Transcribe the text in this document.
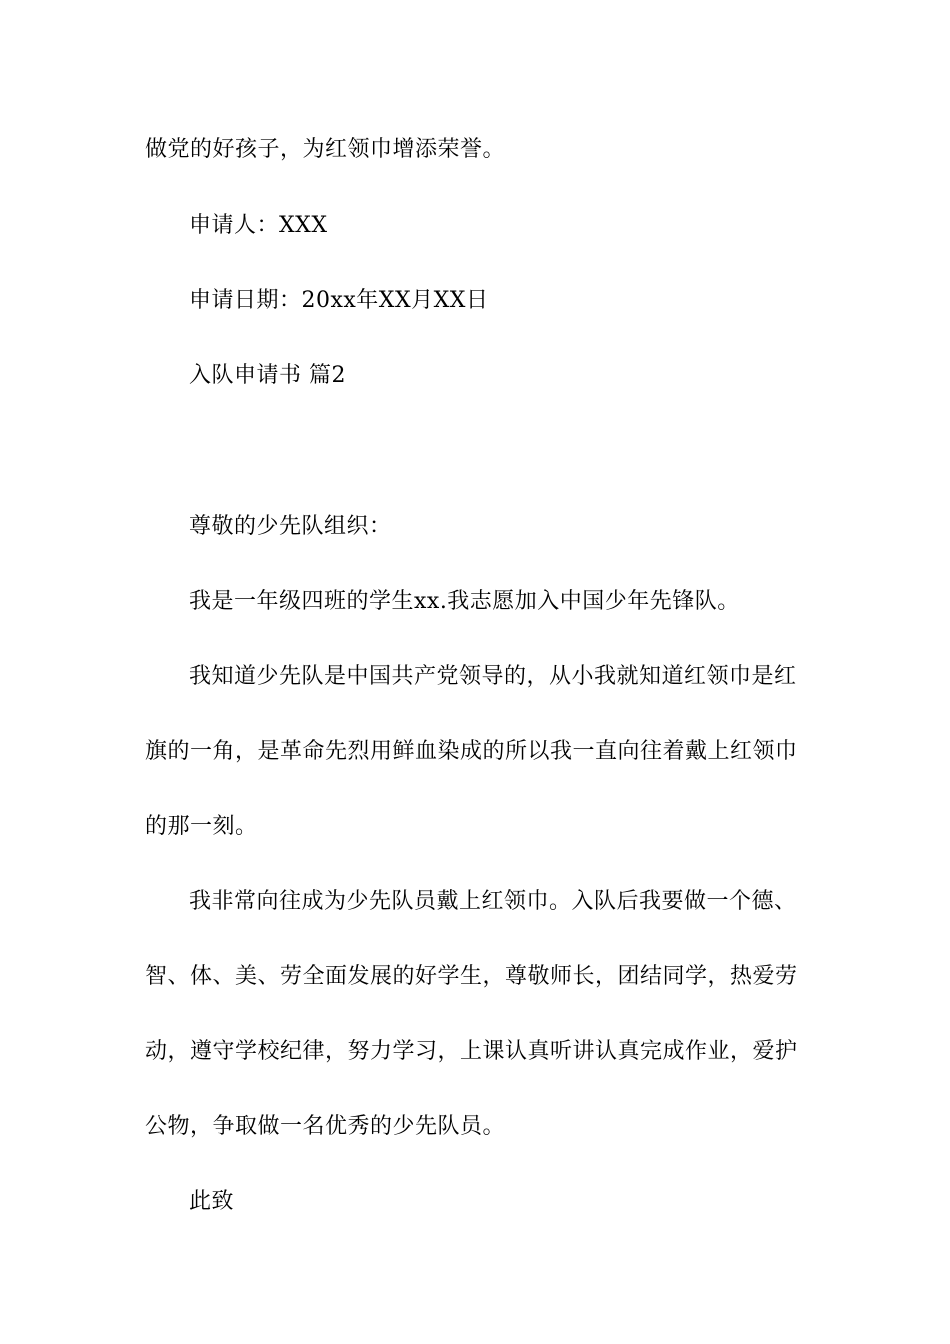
做党的好孩子，为红领巾增添荣誉。
申请人：XXX
申请日期：20xx年XX月XX日
入队申请书 篇2
尊敬的少先队组织：
我是一年级四班的学生xx.我志愿加入中国少年先锋队。
我知道少先队是中国共产党领导的，从小我就知道红领巾是红
旗的一角，是革命先烈用鲜血染成的所以我一直向往着戴上红领巾
的那一刻。
我非常向往成为少先队员戴上红领巾。入队后我要做一个德、
智、体、美、劳全面发展的好学生，尊敬师长，团结同学，热爱劳
动，遵守学校纪律，努力学习，上课认真听讲认真完成作业，爱护
公物，争取做一名优秀的少先队员。
此致
